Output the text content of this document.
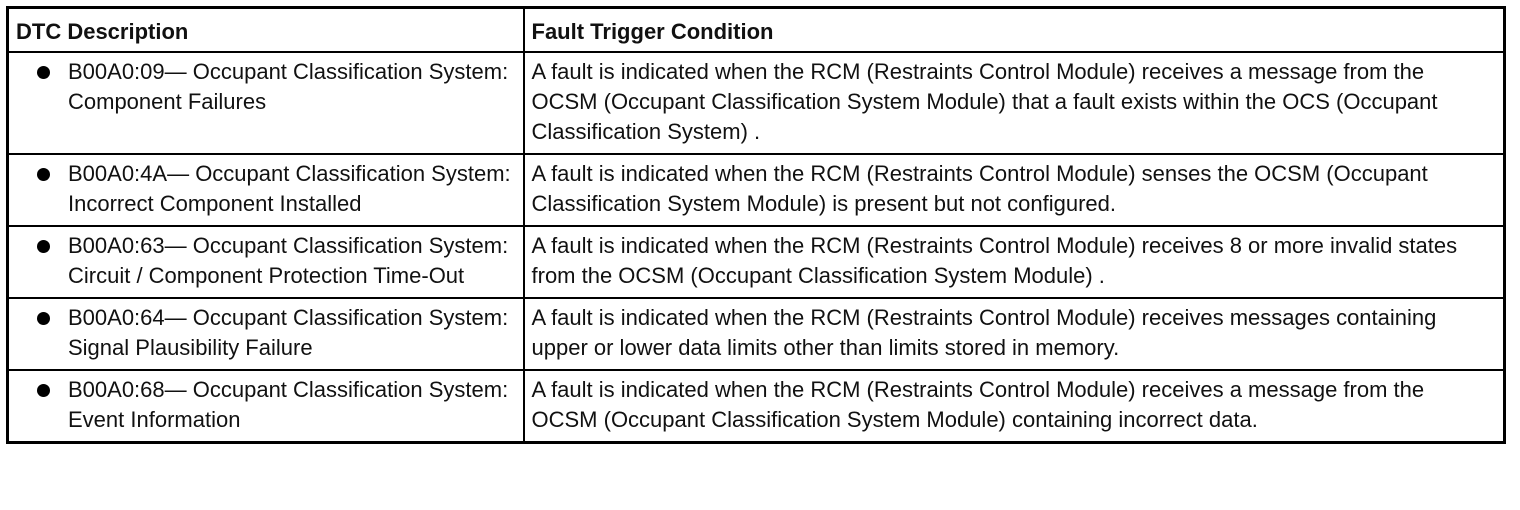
DTC Description	Fault Trigger Condition

B00A0:09— Occupant Classification System: Component Failures	A fault is indicated when the RCM (Restraints Control Module) receives a message from the OCSM (Occupant Classification System Module) that a fault exists within the OCS (Occupant Classification System) .

B00A0:4A— Occupant Classification System: Incorrect Component Installed	A fault is indicated when the RCM (Restraints Control Module) senses the OCSM (Occupant Classification System Module) is present but not configured.

B00A0:63— Occupant Classification System: Circuit / Component Protection Time-Out	A fault is indicated when the RCM (Restraints Control Module) receives 8 or more invalid states from the OCSM (Occupant Classification System Module) .

B00A0:64— Occupant Classification System: Signal Plausibility Failure	A fault is indicated when the RCM (Restraints Control Module) receives messages containing upper or lower data limits other than limits stored in memory.

B00A0:68— Occupant Classification System: Event Information	A fault is indicated when the RCM (Restraints Control Module) receives a message from the OCSM (Occupant Classification System Module) containing incorrect data.
